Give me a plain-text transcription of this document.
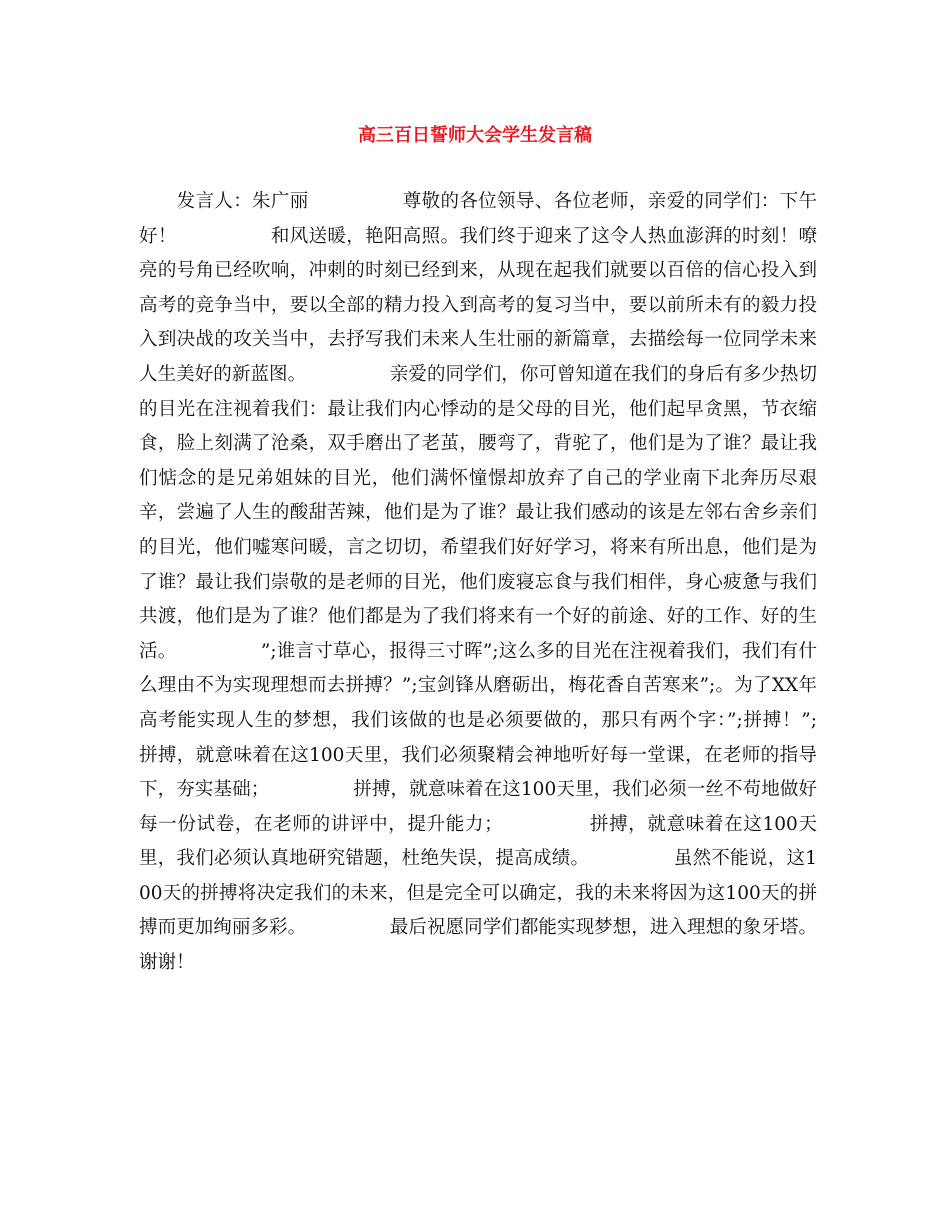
高三百日誓师大会学生发言稿

　　发言人：朱广丽　　　　　尊敬的各位领导、各位老师，亲爱的同学们：下午好！　　　　　和风送暖，艳阳高照。我们终于迎来了这令人热血澎湃的时刻！嘹亮的号角已经吹响，冲刺的时刻已经到来，从现在起我们就要以百倍的信心投入到高考的竞争当中，要以全部的精力投入到高考的复习当中，要以前所未有的毅力投入到决战的攻关当中，去抒写我们未来人生壮丽的新篇章，去描绘每一位同学未来人生美好的新蓝图。　　　　　亲爱的同学们，你可曾知道在我们的身后有多少热切的目光在注视着我们：最让我们内心悸动的是父母的目光，他们起早贪黑，节衣缩食，脸上刻满了沧桑，双手磨出了老茧，腰弯了，背驼了，他们是为了谁？最让我们惦念的是兄弟姐妹的目光，他们满怀憧憬却放弃了自己的学业南下北奔历尽艰辛，尝遍了人生的酸甜苦辣，他们是为了谁？最让我们感动的该是左邻右舍乡亲们的目光，他们嘘寒问暖，言之切切，希望我们好好学习，将来有所出息，他们是为了谁？最让我们崇敬的是老师的目光，他们废寝忘食与我们相伴，身心疲惫与我们共渡，他们是为了谁？他们都是为了我们将来有一个好的前途、好的工作、好的生活。　　　　　”;谁言寸草心，报得三寸晖”;这么多的目光在注视着我们，我们有什么理由不为实现理想而去拼搏？”;宝剑锋从磨砺出，梅花香自苦寒来”;。为了XX年高考能实现人生的梦想，我们该做的也是必须要做的，那只有两个字：”;拼搏！”;　　　　　拼搏，就意味着在这100天里，我们必须聚精会神地听好每一堂课，在老师的指导下，夯实基础；　　　　　拼搏，就意味着在这100天里，我们必须一丝不苟地做好每一份试卷，在老师的讲评中，提升能力；　　　　　拼搏，就意味着在这100天里，我们必须认真地研究错题，杜绝失误，提高成绩。　　　　　虽然不能说，这100天的拼搏将决定我们的未来，但是完全可以确定，我的未来将因为这100天的拼搏而更加绚丽多彩。　　　　　最后祝愿同学们都能实现梦想，进入理想的象牙塔。谢谢！
